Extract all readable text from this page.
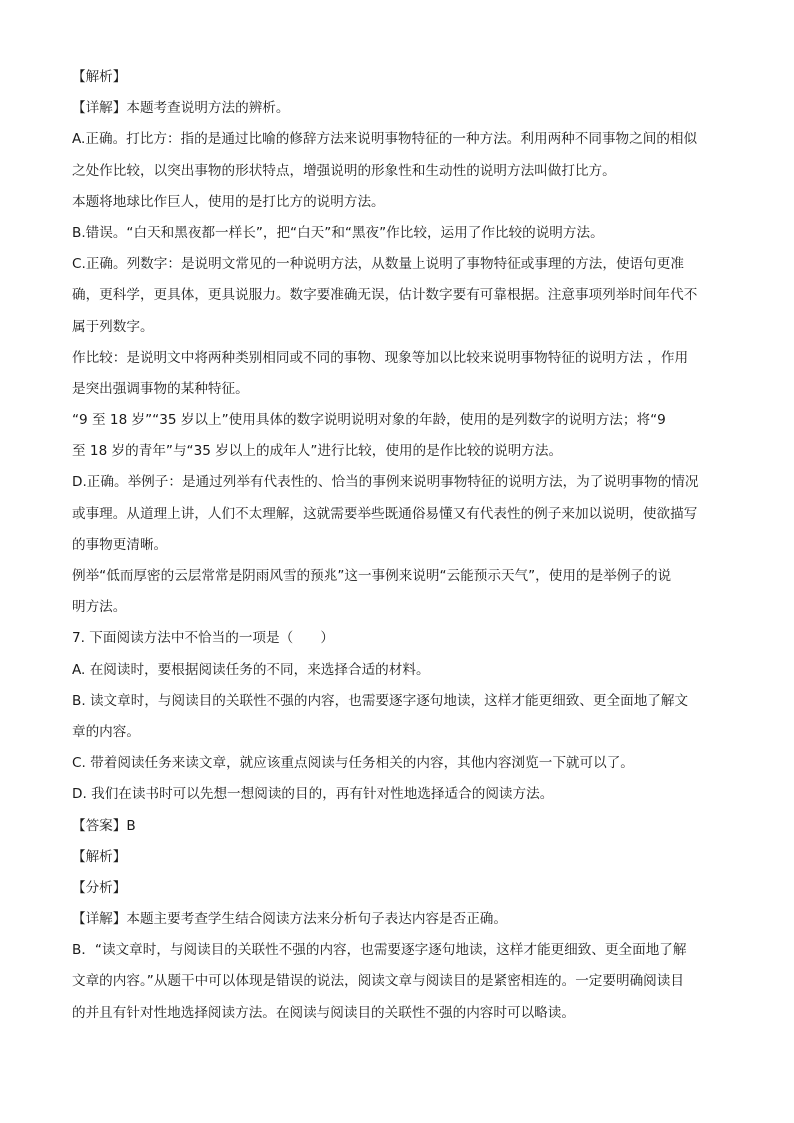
【解析】
【详解】本题考查说明方法的辨析。
A.正确。打比方：指的是通过比喻的修辞方法来说明事物特征的一种方法。利用两种不同事物之间的相似
之处作比较，以突出事物的形状特点，增强说明的形象性和生动性的说明方法叫做打比方。
本题将地球比作巨人，使用的是打比方的说明方法。
B.错误。“白天和黑夜都一样长”，把“白天”和“黑夜”作比较，运用了作比较的说明方法。
C.正确。列数字：是说明文常见的一种说明方法，从数量上说明了事物特征或事理的方法，使语句更准
确，更科学，更具体，更具说服力。数字要准确无误，估计数字要有可靠根据。注意事项列举时间年代不
属于列数字。
作比较：是说明文中将两种类别相同或不同的事物、现象等加以比较来说明事物特征的说明方法 ，作用
是突出强调事物的某种特征。
“9 至 18 岁”“35 岁以上”使用具体的数字说明说明对象的年龄，使用的是列数字的说明方法；将“9
至 18 岁的青年”与“35 岁以上的成年人”进行比较，使用的是作比较的说明方法。
D.正确。举例子：是通过列举有代表性的、恰当的事例来说明事物特征的说明方法，为了说明事物的情况
或事理。从道理上讲，人们不太理解，这就需要举些既通俗易懂又有代表性的例子来加以说明，使欲描写
的事物更清晰。
例举“低而厚密的云层常常是阴雨风雪的预兆”这一事例来说明“云能预示天气”，使用的是举例子的说
明方法。
7. 下面阅读方法中不恰当的一项是（　　）
A. 在阅读时，要根据阅读任务的不同，来选择合适的材料。
B. 读文章时，与阅读目的关联性不强的内容，也需要逐字逐句地读，这样才能更细致、更全面地了解文
章的内容。
C. 带着阅读任务来读文章，就应该重点阅读与任务相关的内容，其他内容浏览一下就可以了。
D. 我们在读书时可以先想一想阅读的目的，再有针对性地选择适合的阅读方法。
【答案】B
【解析】
【分析】
【详解】本题主要考查学生结合阅读方法来分析句子表达内容是否正确。
B．“读文章时，与阅读目的关联性不强的内容，也需要逐字逐句地读，这样才能更细致、更全面地了解
文章的内容。”从题干中可以体现是错误的说法，阅读文章与阅读目的是紧密相连的。一定要明确阅读目
的并且有针对性地选择阅读方法。在阅读与阅读目的关联性不强的内容时可以略读。
